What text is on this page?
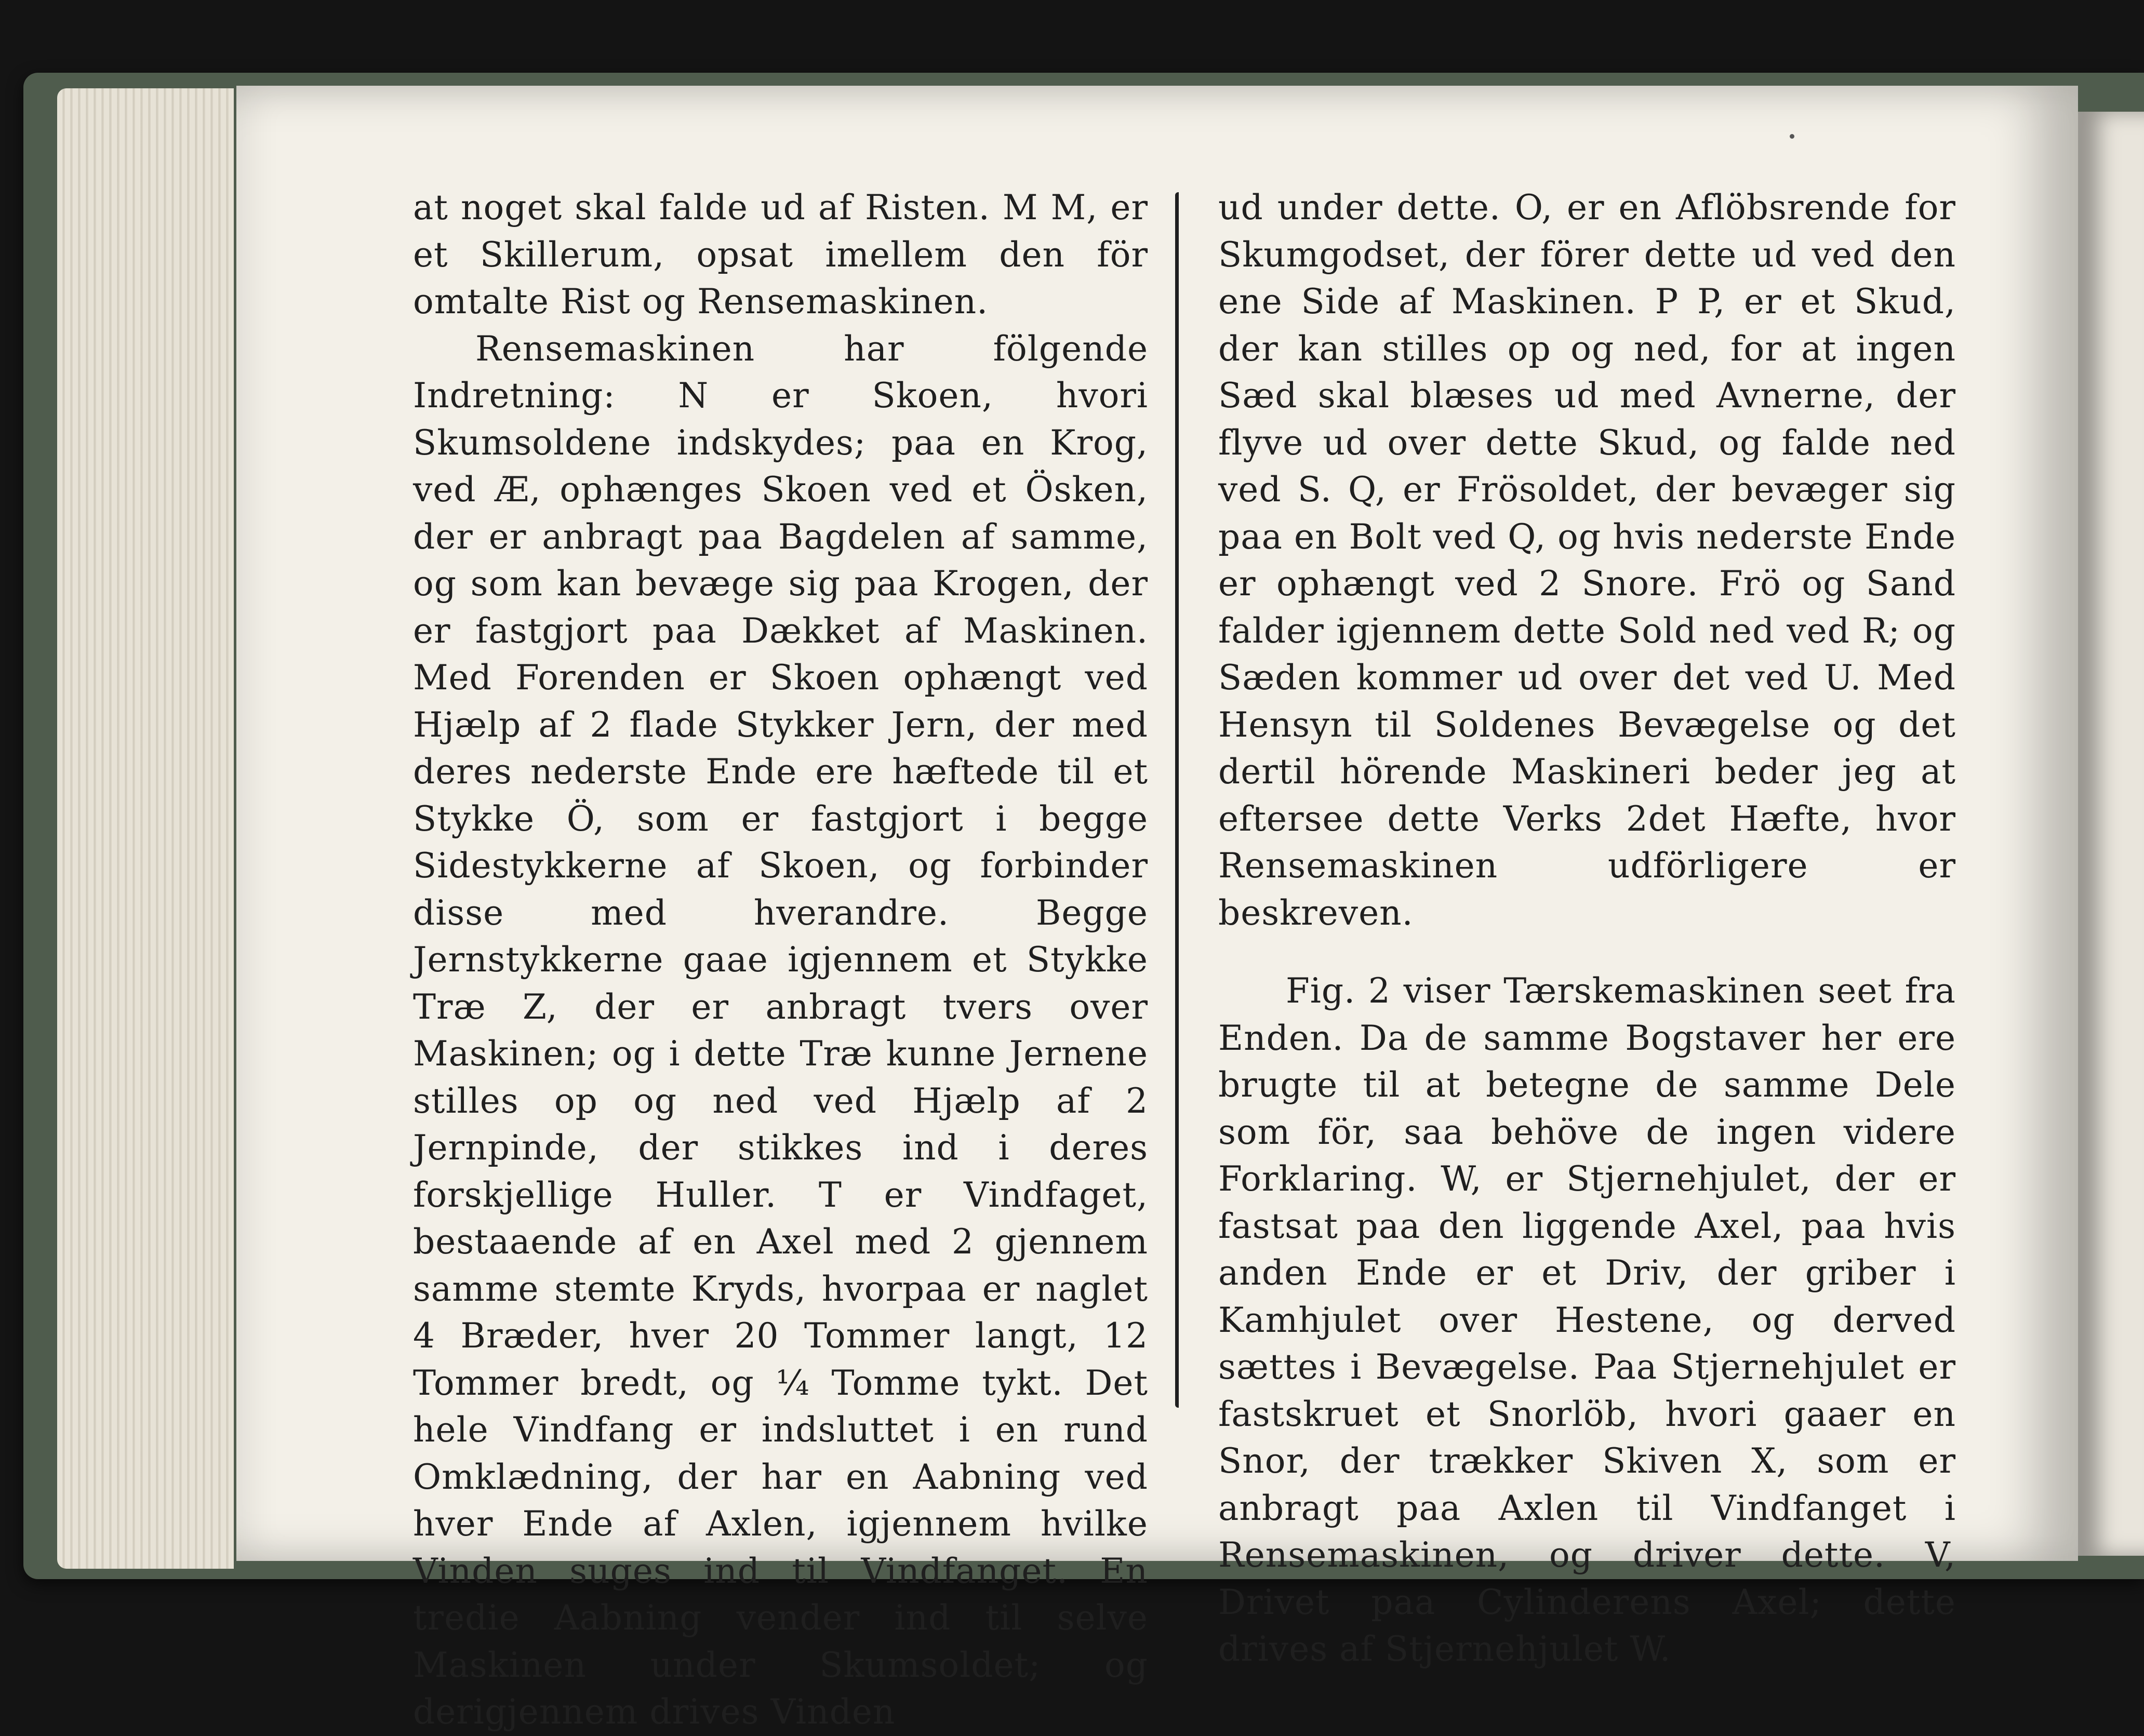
at noget skal falde ud af Risten. M M, er et Skillerum, opsat imellem den för omtalte Rist og Rensemaskinen.

Rensemaskinen har fölgende Indretning: N er Skoen, hvori Skumsoldene indskydes; paa en Krog, ved Æ, ophænges Skoen ved et Ösken, der er anbragt paa Bagdelen af samme, og som kan bevæge sig paa Krogen, der er fastgjort paa Dækket af Maskinen. Med Forenden er Skoen ophængt ved Hjælp af 2 flade Stykker Jern, der med deres nederste Ende ere hæftede til et Stykke Ö, som er fastgjort i begge Sidestykkerne af Skoen, og forbinder disse med hverandre. Begge Jernstykkerne gaae igjennem et Stykke Træ Z, der er anbragt tvers over Maskinen; og i dette Træ kunne Jernene stilles op og ned ved Hjælp af 2 Jernpinde, der stikkes ind i deres forskjellige Huller. T er Vindfaget, bestaaende af en Axel med 2 gjennem samme stemte Kryds, hvorpaa er naglet 4 Bræder, hver 20 Tommer langt, 12 Tommer bredt, og ¼ Tomme tykt. Det hele Vindfang er indsluttet i en rund Omklædning, der har en Aabning ved hver Ende af Axlen, igjennem hvilke Vinden suges ind til Vindfanget. En tredie Aabning vender ind til selve Maskinen under Skumsoldet; og derigjennem drives Vinden

ud under dette. O, er en Aflöbsrende for Skumgodset, der förer dette ud ved den ene Side af Maskinen. P P, er et Skud, der kan stilles op og ned, for at ingen Sæd skal blæses ud med Avnerne, der flyve ud over dette Skud, og falde ned ved S. Q, er Frösoldet, der bevæger sig paa en Bolt ved Q, og hvis nederste Ende er ophængt ved 2 Snore. Frö og Sand falder igjennem dette Sold ned ved R; og Sæden kommer ud over det ved U. Med Hensyn til Soldenes Bevægelse og det dertil hörende Maskineri beder jeg at eftersee dette Verks 2det Hæfte, hvor Rensemaskinen udförligere er beskreven.

Fig. 2 viser Tærskemaskinen seet fra Enden. Da de samme Bogstaver her ere brugte til at betegne de samme Dele som för, saa behöve de ingen videre Forklaring. W, er Stjernehjulet, der er fastsat paa den liggende Axel, paa hvis anden Ende er et Driv, der griber i Kamhjulet over Hestene, og derved sættes i Bevægelse. Paa Stjernehjulet er fastskruet et Snorlöb, hvori gaaer en Snor, der trækker Skiven X, som er anbragt paa Axlen til Vindfanget i Rensemaskinen, og driver dette. V, Drivet paa Cylinderens Axel; dette drives af Stjernehjulet W.
